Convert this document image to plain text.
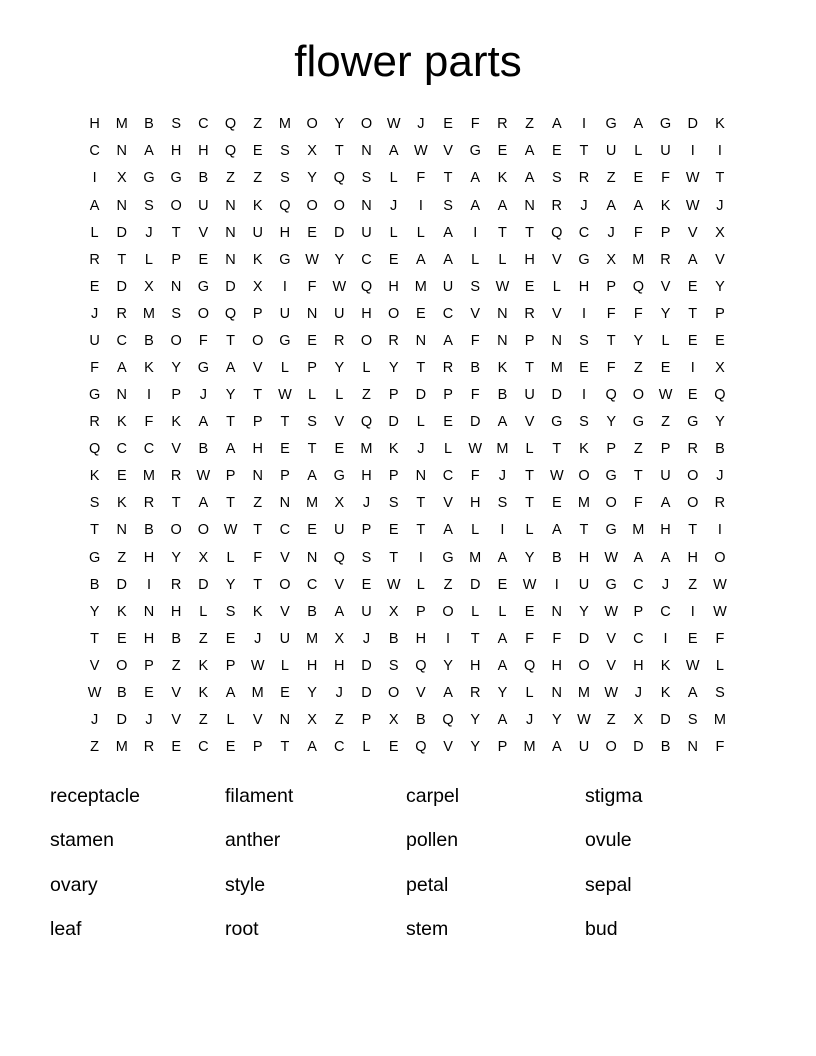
flower parts
H	M	B	S	C	Q	Z	M	O	Y	O	W	J	E	F	R	Z	A	I	G	A	G	D	K
C	N	A	H	H	Q	E	S	X	T	N	A	W	V	G	E	A	E	T	U	L	U	I	I
I	X	G	G	B	Z	Z	S	Y	Q	S	L	F	T	A	K	A	S	R	Z	E	F	W	T
A	N	S	O	U	N	K	Q	O	O	N	J	I	S	A	A	N	R	J	A	A	K	W	J
L	D	J	T	V	N	U	H	E	D	U	L	L	A	I	T	T	Q	C	J	F	P	V	X
R	T	L	P	E	N	K	G	W	Y	C	E	A	A	L	L	H	V	G	X	M	R	A	V
E	D	X	N	G	D	X	I	F	W	Q	H	M	U	S	W	E	L	H	P	Q	V	E	Y
J	R	M	S	O	Q	P	U	N	U	H	O	E	C	V	N	R	V	I	F	F	Y	T	P
U	C	B	O	F	T	O	G	E	R	O	R	N	A	F	N	P	N	S	T	Y	L	E	E
F	A	K	Y	G	A	V	L	P	Y	L	Y	T	R	B	K	T	M	E	F	Z	E	I	X
G	N	I	P	J	Y	T	W	L	L	Z	P	D	P	F	B	U	D	I	Q	O	W	E	Q
R	K	F	K	A	T	P	T	S	V	Q	D	L	E	D	A	V	G	S	Y	G	Z	G	Y
Q	C	C	V	B	A	H	E	T	E	M	K	J	L	W M	L	T	K	P	Z	P	R	B
K	E	M	R	W	P	N	P	A	G	H	P	N	C	F	J	T	W	O	G	T	U	O	J
S	K	R	T	A	T	Z	N	M	X	J	S	T	V	H	S	T	E	M	O	F	A	O	R
T	N	B	O	O	W	T	C	E	U	P	E	T	A	L	I	L	A	T	G	M	H	T	I
G	Z	H	Y	X	L	F	V	N	Q	S	T	I	G	M	A	Y	B	H	W	A	A	H	O
B	D	I	R	D	Y	T	O	C	V	E	W	L	Z	D	E	W	I	U	G	C	J	Z	W
Y	K	N	H	L	S	K	V	B	A	U	X	P	O	L	L	E	N	Y	W	P	C	I	W
T	E	H	B	Z	E	J	U	M	X	J	B	H	I	T	A	F	F	D	V	C	I	E	F
V	O	P	Z	K	P	W	L	H	H	D	S	Q	Y	H	A	Q	H	O	V	H	K	W	L
W	B	E	V	K	A	M	E	Y	J	D	O	V	A	R	Y	L	N	M W	J	K	A	S
J	D	J	V	Z	L	V	N	X	Z	P	X	B	Q	Y	A	J	Y	W	Z	X	D	S	M
Z	M	R	E	C	E	P	T	A	C	L	E	Q	V	Y	P	M	A	U	O	D	B	N	F
receptacle	filament	carpel	stigma
stamen	anther	pollen	ovule
ovary	style	petal	sepal
leaf	root	stem	bud
